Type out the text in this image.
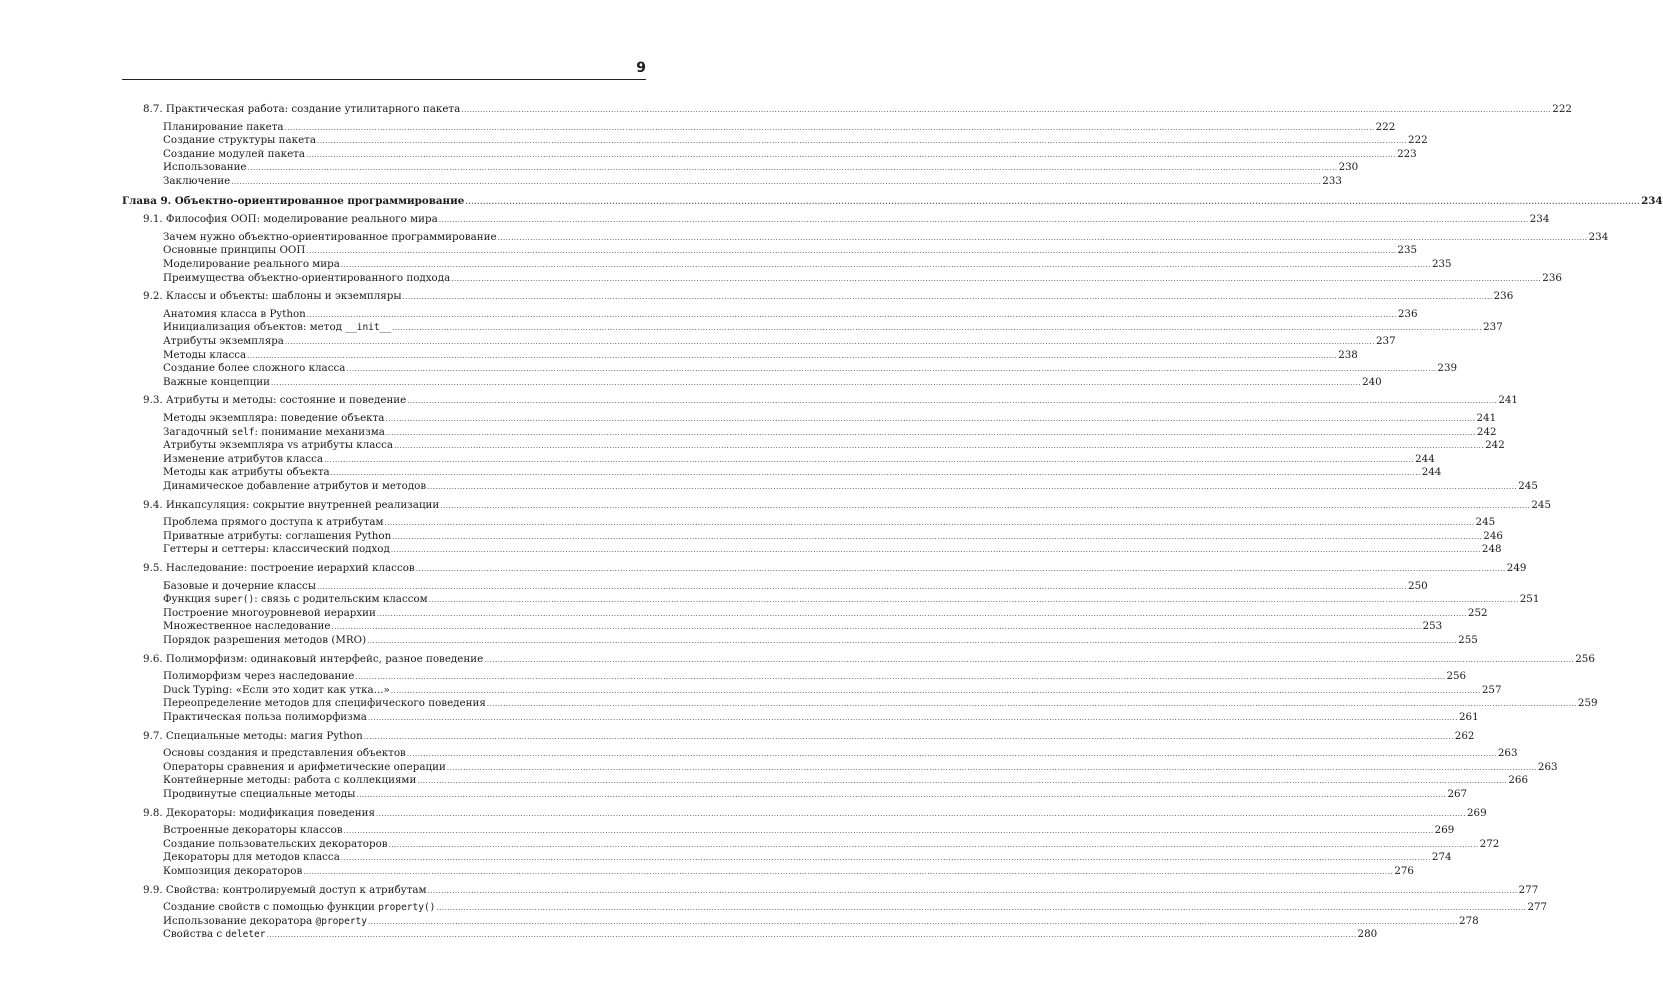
9
8.7. Практическая работа: создание утилитарного пакета ................................................................................................................................................................................................................................................................................................................................................................................................................ 222
Планирование пакета ................................................................................................................................................................................................................................................................................................................................................................................................................ 222
Создание структуры пакета ................................................................................................................................................................................................................................................................................................................................................................................................................ 222
Создание модулей пакета ................................................................................................................................................................................................................................................................................................................................................................................................................ 223
Использование ................................................................................................................................................................................................................................................................................................................................................................................................................ 230
Заключение ................................................................................................................................................................................................................................................................................................................................................................................................................ 233
Глава 9. Объектно-ориентированное программирование ................................................................................................................................................................................................................................................................................................................................................................................................................ 234
9.1. Философия ООП: моделирование реального мира ................................................................................................................................................................................................................................................................................................................................................................................................................ 234
Зачем нужно объектно-ориентированное программирование ................................................................................................................................................................................................................................................................................................................................................................................................................ 234
Основные принципы ООП ................................................................................................................................................................................................................................................................................................................................................................................................................ 235
Моделирование реального мира ................................................................................................................................................................................................................................................................................................................................................................................................................ 235
Преимущества объектно-ориентированного подхода ................................................................................................................................................................................................................................................................................................................................................................................................................ 236
9.2. Классы и объекты: шаблоны и экземпляры ................................................................................................................................................................................................................................................................................................................................................................................................................ 236
Анатомия класса в Python ................................................................................................................................................................................................................................................................................................................................................................................................................ 236
Инициализация объектов: метод __init__ ................................................................................................................................................................................................................................................................................................................................................................................................................ 237
Атрибуты экземпляра ................................................................................................................................................................................................................................................................................................................................................................................................................ 237
Методы класса ................................................................................................................................................................................................................................................................................................................................................................................................................ 238
Создание более сложного класса ................................................................................................................................................................................................................................................................................................................................................................................................................ 239
Важные концепции ................................................................................................................................................................................................................................................................................................................................................................................................................ 240
9.3. Атрибуты и методы: состояние и поведение ................................................................................................................................................................................................................................................................................................................................................................................................................ 241
Методы экземпляра: поведение объекта ................................................................................................................................................................................................................................................................................................................................................................................................................ 241
Загадочный self: понимание механизма ................................................................................................................................................................................................................................................................................................................................................................................................................ 242
Атрибуты экземпляра vs атрибуты класса ................................................................................................................................................................................................................................................................................................................................................................................................................ 242
Изменение атрибутов класса ................................................................................................................................................................................................................................................................................................................................................................................................................ 244
Методы как атрибуты объекта ................................................................................................................................................................................................................................................................................................................................................................................................................ 244
Динамическое добавление атрибутов и методов ................................................................................................................................................................................................................................................................................................................................................................................................................ 245
9.4. Инкапсуляция: сокрытие внутренней реализации ................................................................................................................................................................................................................................................................................................................................................................................................................ 245
Проблема прямого доступа к атрибутам ................................................................................................................................................................................................................................................................................................................................................................................................................ 245
Приватные атрибуты: соглашения Python ................................................................................................................................................................................................................................................................................................................................................................................................................ 246
Геттеры и сеттеры: классический подход ................................................................................................................................................................................................................................................................................................................................................................................................................ 248
9.5. Наследование: построение иерархий классов ................................................................................................................................................................................................................................................................................................................................................................................................................ 249
Базовые и дочерние классы ................................................................................................................................................................................................................................................................................................................................................................................................................ 250
Функция super(): связь с родительским классом ................................................................................................................................................................................................................................................................................................................................................................................................................ 251
Построение многоуровневой иерархии ................................................................................................................................................................................................................................................................................................................................................................................................................ 252
Множественное наследование ................................................................................................................................................................................................................................................................................................................................................................................................................ 253
Порядок разрешения методов (MRO) ................................................................................................................................................................................................................................................................................................................................................................................................................ 255
9.6. Полиморфизм: одинаковый интерфейс, разное поведение ................................................................................................................................................................................................................................................................................................................................................................................................................ 256
Полиморфизм через наследование ................................................................................................................................................................................................................................................................................................................................................................................................................ 256
Duck Typing: «Если это ходит как утка...» ................................................................................................................................................................................................................................................................................................................................................................................................................ 257
Переопределение методов для специфического поведения ................................................................................................................................................................................................................................................................................................................................................................................................................ 259
Практическая польза полиморфизма ................................................................................................................................................................................................................................................................................................................................................................................................................ 261
9.7. Специальные методы: магия Python ................................................................................................................................................................................................................................................................................................................................................................................................................ 262
Основы создания и представления объектов ................................................................................................................................................................................................................................................................................................................................................................................................................ 263
Операторы сравнения и арифметические операции ................................................................................................................................................................................................................................................................................................................................................................................................................ 263
Контейнерные методы: работа с коллекциями ................................................................................................................................................................................................................................................................................................................................................................................................................ 266
Продвинутые специальные методы ................................................................................................................................................................................................................................................................................................................................................................................................................ 267
9.8. Декораторы: модификация поведения ................................................................................................................................................................................................................................................................................................................................................................................................................ 269
Встроенные декораторы классов ................................................................................................................................................................................................................................................................................................................................................................................................................ 269
Создание пользовательских декораторов ................................................................................................................................................................................................................................................................................................................................................................................................................ 272
Декораторы для методов класса ................................................................................................................................................................................................................................................................................................................................................................................................................ 274
Композиция декораторов ................................................................................................................................................................................................................................................................................................................................................................................................................ 276
9.9. Свойства: контролируемый доступ к атрибутам ................................................................................................................................................................................................................................................................................................................................................................................................................ 277
Создание свойств с помощью функции property() ................................................................................................................................................................................................................................................................................................................................................................................................................ 277
Использование декоратора @property ................................................................................................................................................................................................................................................................................................................................................................................................................ 278
Свойства с deleter ................................................................................................................................................................................................................................................................................................................................................................................................................ 280
